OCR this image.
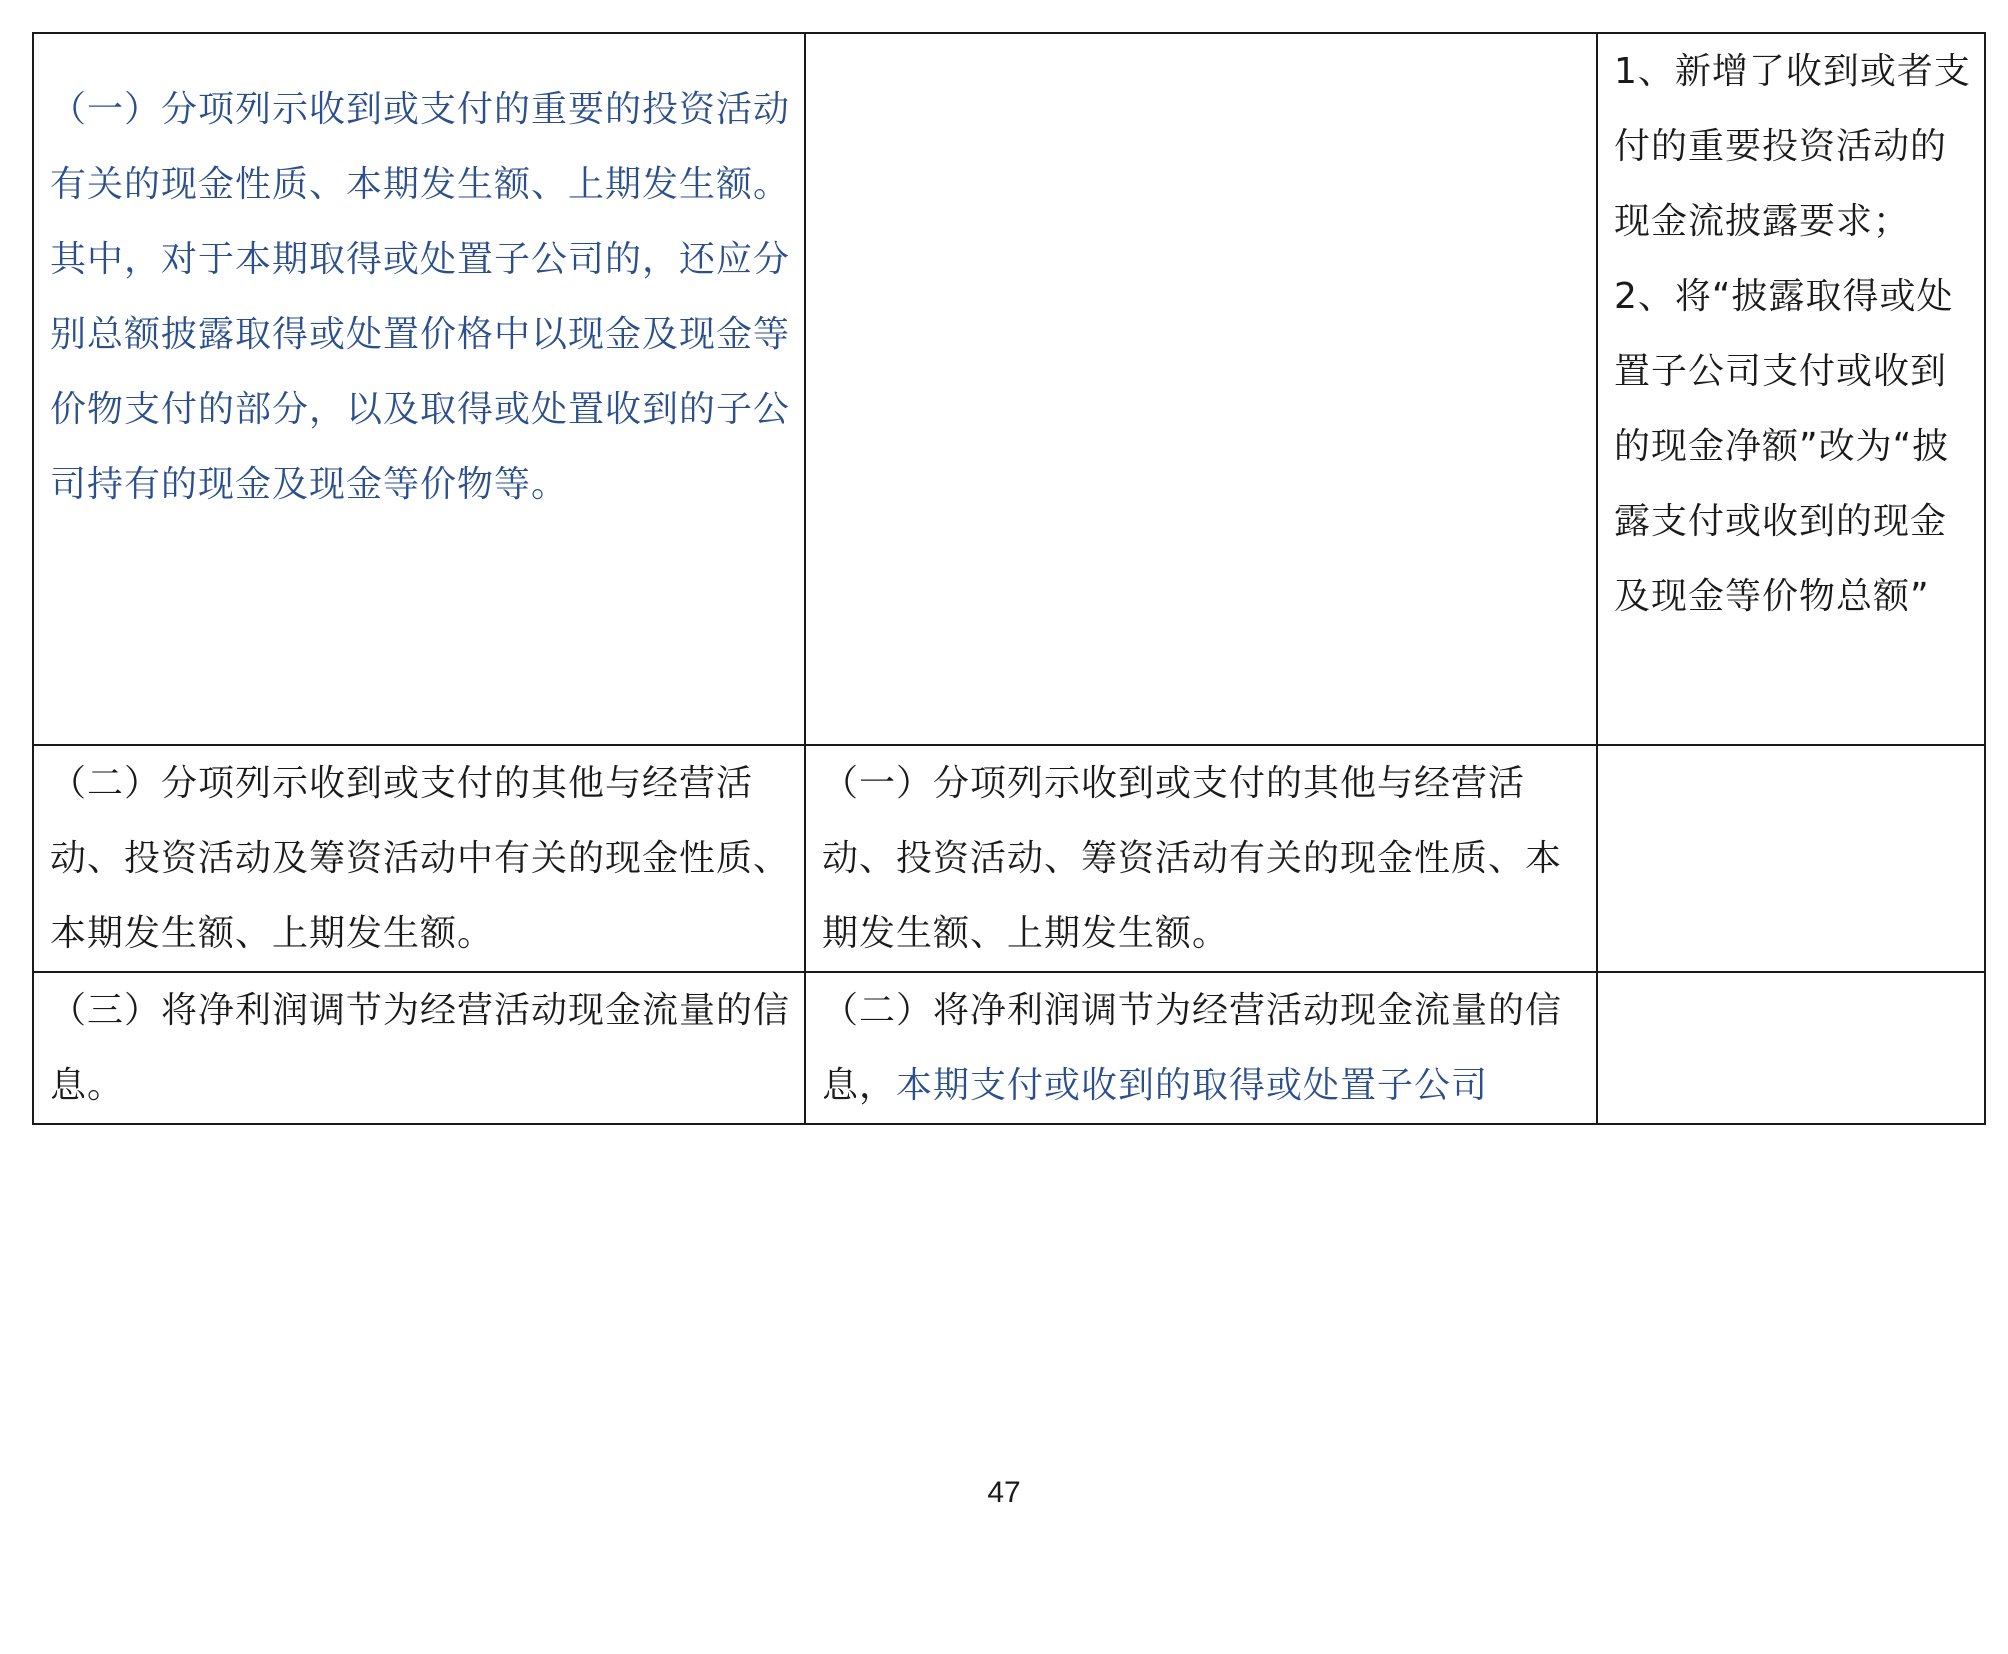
（一）分项列示收到或支付的重要的投资活动有关的现金性质、本期发生额、上期发生额。
其中，对于本期取得或处置子公司的，还应分别总额披露取得或处置价格中以现金及现金等价物支付的部分，以及取得或处置收到的子公司持有的现金及现金等价物等。		1、新增了收到或者支付的重要投资活动的现金流披露要求；
2、将“披露取得或处置子公司支付或收到的现金净额”改为“披露支付或收到的现金及现金等价物总额”

（二）分项列示收到或支付的其他与经营活动、投资活动及筹资活动中有关的现金性质、本期发生额、上期发生额。	（一）分项列示收到或支付的其他与经营活动、投资活动、筹资活动有关的现金性质、本期发生额、上期发生额。	

（三）将净利润调节为经营活动现金流量的信息。	（二）将净利润调节为经营活动现金流量的信息，本期支付或收到的取得或处置子公司	
47
